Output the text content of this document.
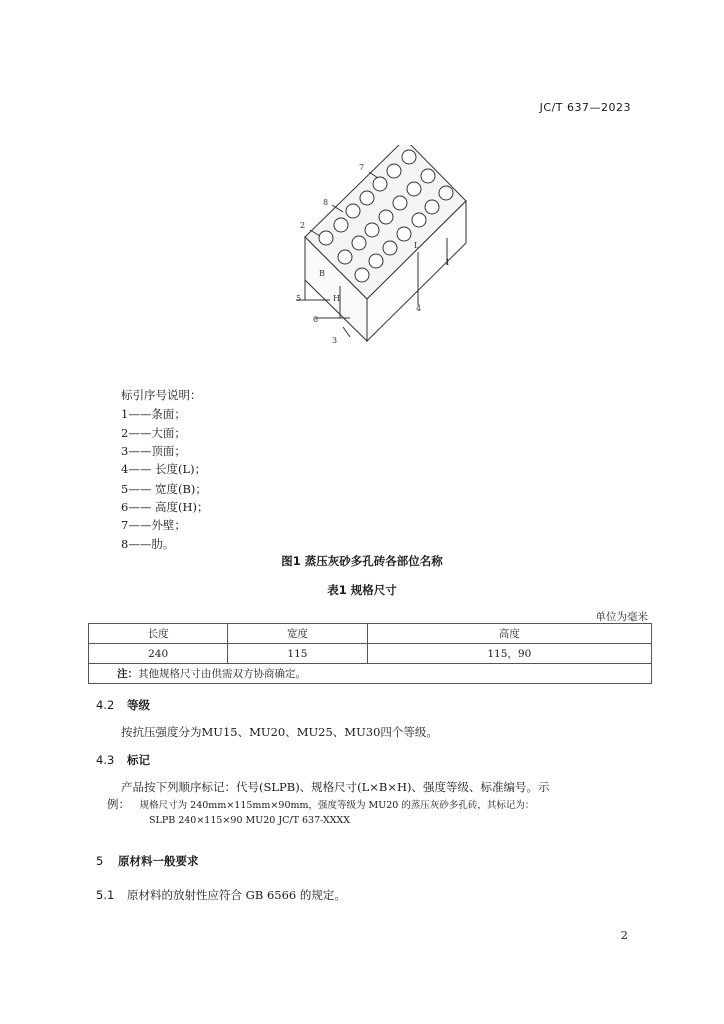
JC/T 637—2023
1
2
3
4
5
6
7
8
L
B
H
标引序号说明：
1——条面；
2——大面；
3——顶面；
4—— 长度(L)；
5—— 宽度(B)；
6—— 高度(H)；
7——外壁；
8——肋。
图1 蒸压灰砂多孔砖各部位名称
表1 规格尺寸
单位为毫米
长度	宽度	高度
240	115	115，90
注：其他规格尺寸由供需双方协商确定。		
4.2 等级
按抗压强度分为MU15、MU20、MU25、MU30四个等级。
4.3 标记
产品按下列顺序标记：代号(SLPB)、规格尺寸(L×B×H)、强度等级、标准编号。示
例： 规格尺寸为 240mm×115mm×90mm，强度等级为 MU20 的蒸压灰砂多孔砖，其标记为：
SLPB 240×115×90 MU20 JC/T 637-XXXX
5 原材料一般要求
5.1 原材料的放射性应符合 GB 6566 的规定。
2
